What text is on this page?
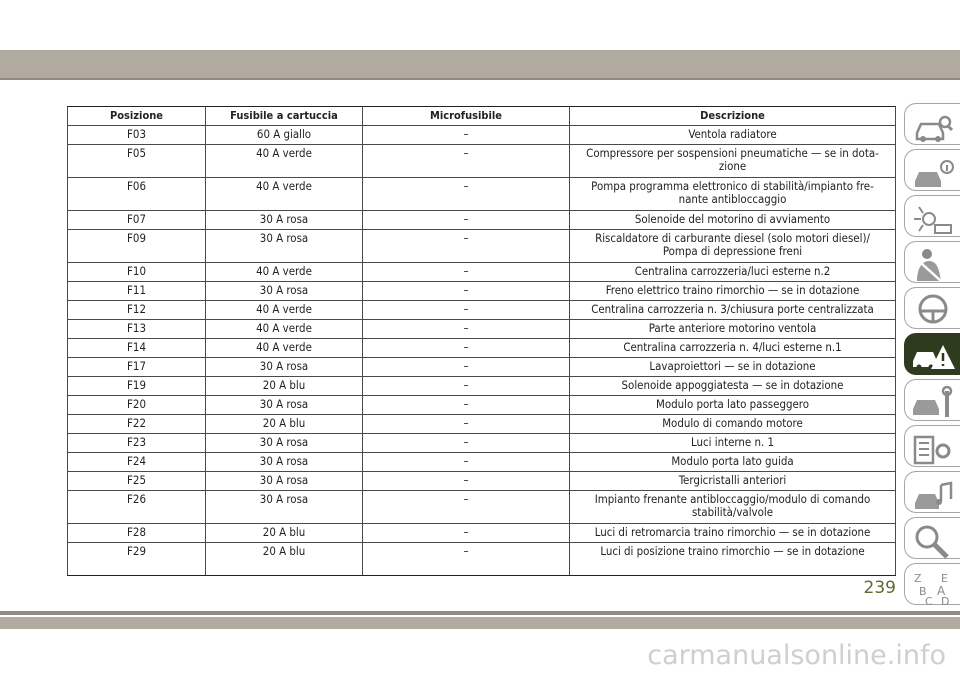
Posizione	Fusibile a cartuccia	Microfusibile	Descrizione
F03	60 A giallo	–	Ventola radiatore
F05	40 A verde	–	Compressore per sospensioni pneumatiche — se in dota-
zione
F06	40 A verde	–	Pompa programma elettronico di stabilità/impianto fre-
nante antibloccaggio
F07	30 A rosa	–	Solenoide del motorino di avviamento
F09	30 A rosa	–	Riscaldatore di carburante diesel (solo motori diesel)/
Pompa di depressione freni
F10	40 A verde	–	Centralina carrozzeria/luci esterne n.2
F11	30 A rosa	–	Freno elettrico traino rimorchio — se in dotazione
F12	40 A verde	–	Centralina carrozzeria n. 3/chiusura porte centralizzata
F13	40 A verde	–	Parte anteriore motorino ventola
F14	40 A verde	–	Centralina carrozzeria n. 4/luci esterne n.1
F17	30 A rosa	–	Lavaproiettori — se in dotazione
F19	20 A blu	–	Solenoide appoggiatesta — se in dotazione
F20	30 A rosa	–	Modulo porta lato passeggero
F22	20 A blu	–	Modulo di comando motore
F23	30 A rosa	–	Luci interne n. 1
F24	30 A rosa	–	Modulo porta lato guida
F25	30 A rosa	–	Tergicristalli anteriori
F26	30 A rosa	–	Impianto frenante antibloccaggio/modulo di comando
stabilità/valvole
F28	20 A blu	–	Luci di retromarcia traino rimorchio — se in dotazione
F29	20 A blu	–	Luci di posizione traino rimorchio — se in dotazione
Z E
B A
C D
239
carmanualsonline.info
